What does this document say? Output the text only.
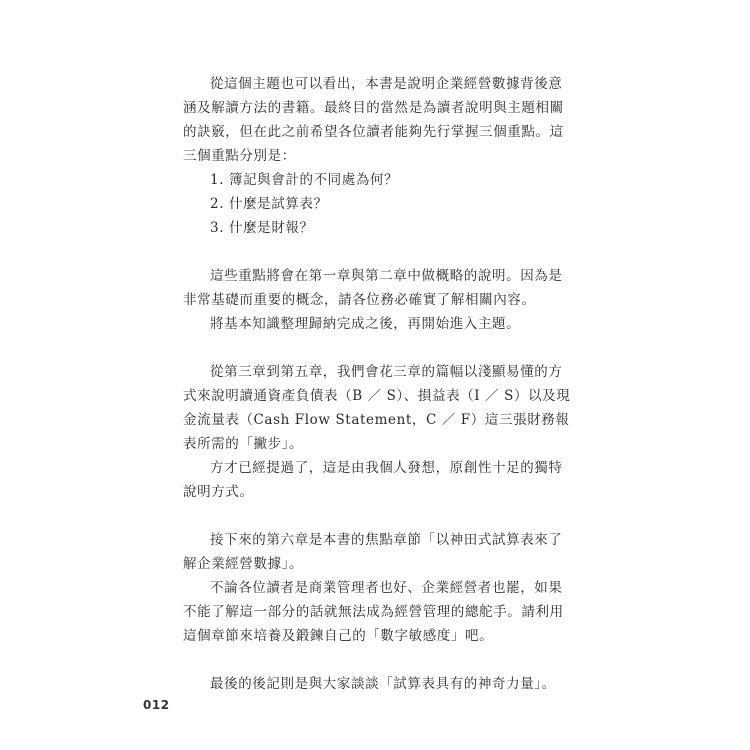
從這個主題也可以看出，本書是說明企業經營數據背後意涵及解讀方法的書籍。最終目的當然是為讀者說明與主題相關的訣竅，但在此之前希望各位讀者能夠先行掌握三個重點。這三個重點分別是：

1. 簿記與會計的不同處為何？
2. 什麼是試算表？
3. 什麼是財報？

這些重點將會在第一章與第二章中做概略的說明。因為是非常基礎而重要的概念，請各位務必確實了解相關內容。

將基本知識整理歸納完成之後，再開始進入主題。

從第三章到第五章，我們會花三章的篇幅以淺顯易懂的方式來說明讀通資產負債表（B ／ S）、損益表（I ／ S）以及現金流量表（Cash Flow Statement，C ／ F）這三張財務報表所需的「撇步」。

方才已經提過了，這是由我個人發想，原創性十足的獨特說明方式。

接下來的第六章是本書的焦點章節「以神田式試算表來了解企業經營數據」。

不論各位讀者是商業管理者也好、企業經營者也罷，如果不能了解這一部分的話就無法成為經營管理的總舵手。請利用這個章節來培養及鍛鍊自己的「數字敏感度」吧。

最後的後記則是與大家談談「試算表具有的神奇力量」。

012
